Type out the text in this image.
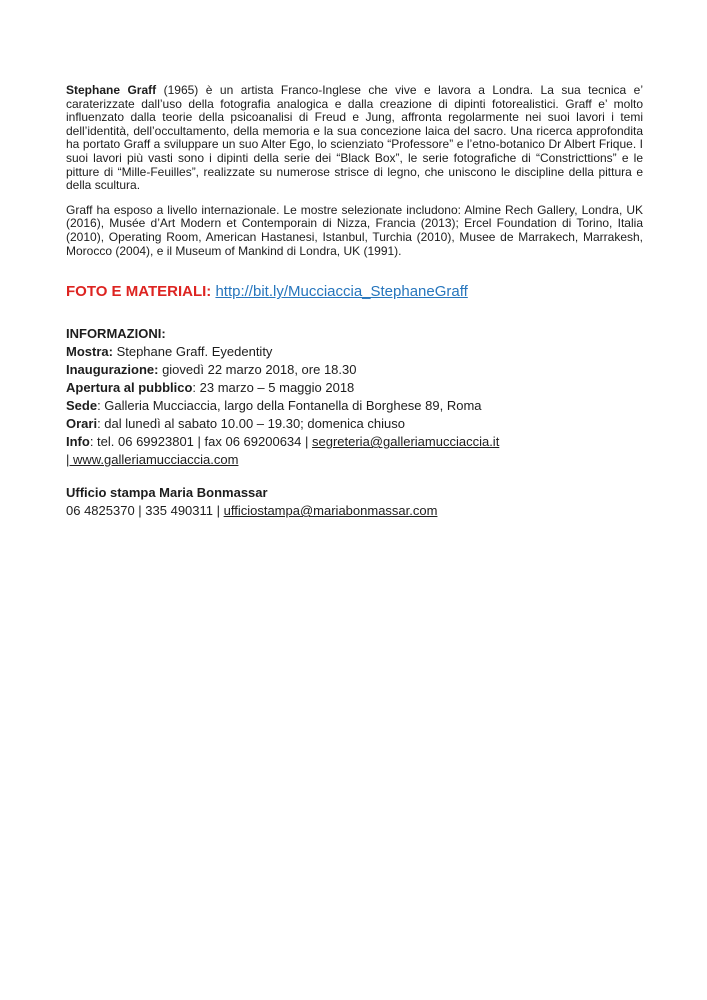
Stephane Graff (1965) è un artista Franco-Inglese che vive e lavora a Londra. La sua tecnica e’ caraterizzate dall’uso della fotografia analogica e dalla creazione di dipinti fotorealistici. Graff e’ molto influenzato dalla teorie della psicoanalisi di Freud e Jung, affronta regolarmente nei suoi lavori i temi dell’identità, dell’occultamento, della memoria e la sua concezione laica del sacro. Una ricerca approfondita ha portato Graff a sviluppare un suo Alter Ego, lo scienziato “Professore” e l’etno-botanico Dr Albert Frique. I suoi lavori più vasti sono i dipinti della serie dei “Black Box”, le serie fotografiche di “Constricttions” e le pitture di “Mille-Feuilles”, realizzate su numerose strisce di legno, che uniscono le discipline della pittura e della scultura.

Graff ha esposo a livello internazionale. Le mostre selezionate includono: Almine Rech Gallery, Londra, UK (2016), Musée d’Art Modern et Contemporain di Nizza, Francia (2013); Ercel Foundation di Torino, Italia (2010), Operating Room, American Hastanesi, Istanbul, Turchia (2010), Musee de Marrakech, Marrakesh, Morocco (2004), e il Museum of Mankind di Londra, UK (1991).

FOTO E MATERIALI: http://bit.ly/Mucciaccia_StephaneGraff

INFORMAZIONI:
Mostra: Stephane Graff. Eyedentity
Inaugurazione: giovedì 22 marzo 2018, ore 18.30
Apertura al pubblico: 23 marzo – 5 maggio 2018
Sede: Galleria Mucciaccia, largo della Fontanella di Borghese 89, Roma
Orari: dal lunedì al sabato 10.00 – 19.30; domenica chiuso
Info: tel. 06 69923801 | fax 06 69200634 | segreteria@galleriamucciaccia.it | www.galleriamucciaccia.com
Ufficio stampa Maria Bonmassar
06 4825370 | 335 490311 | ufficiostampa@mariabonmassar.com
